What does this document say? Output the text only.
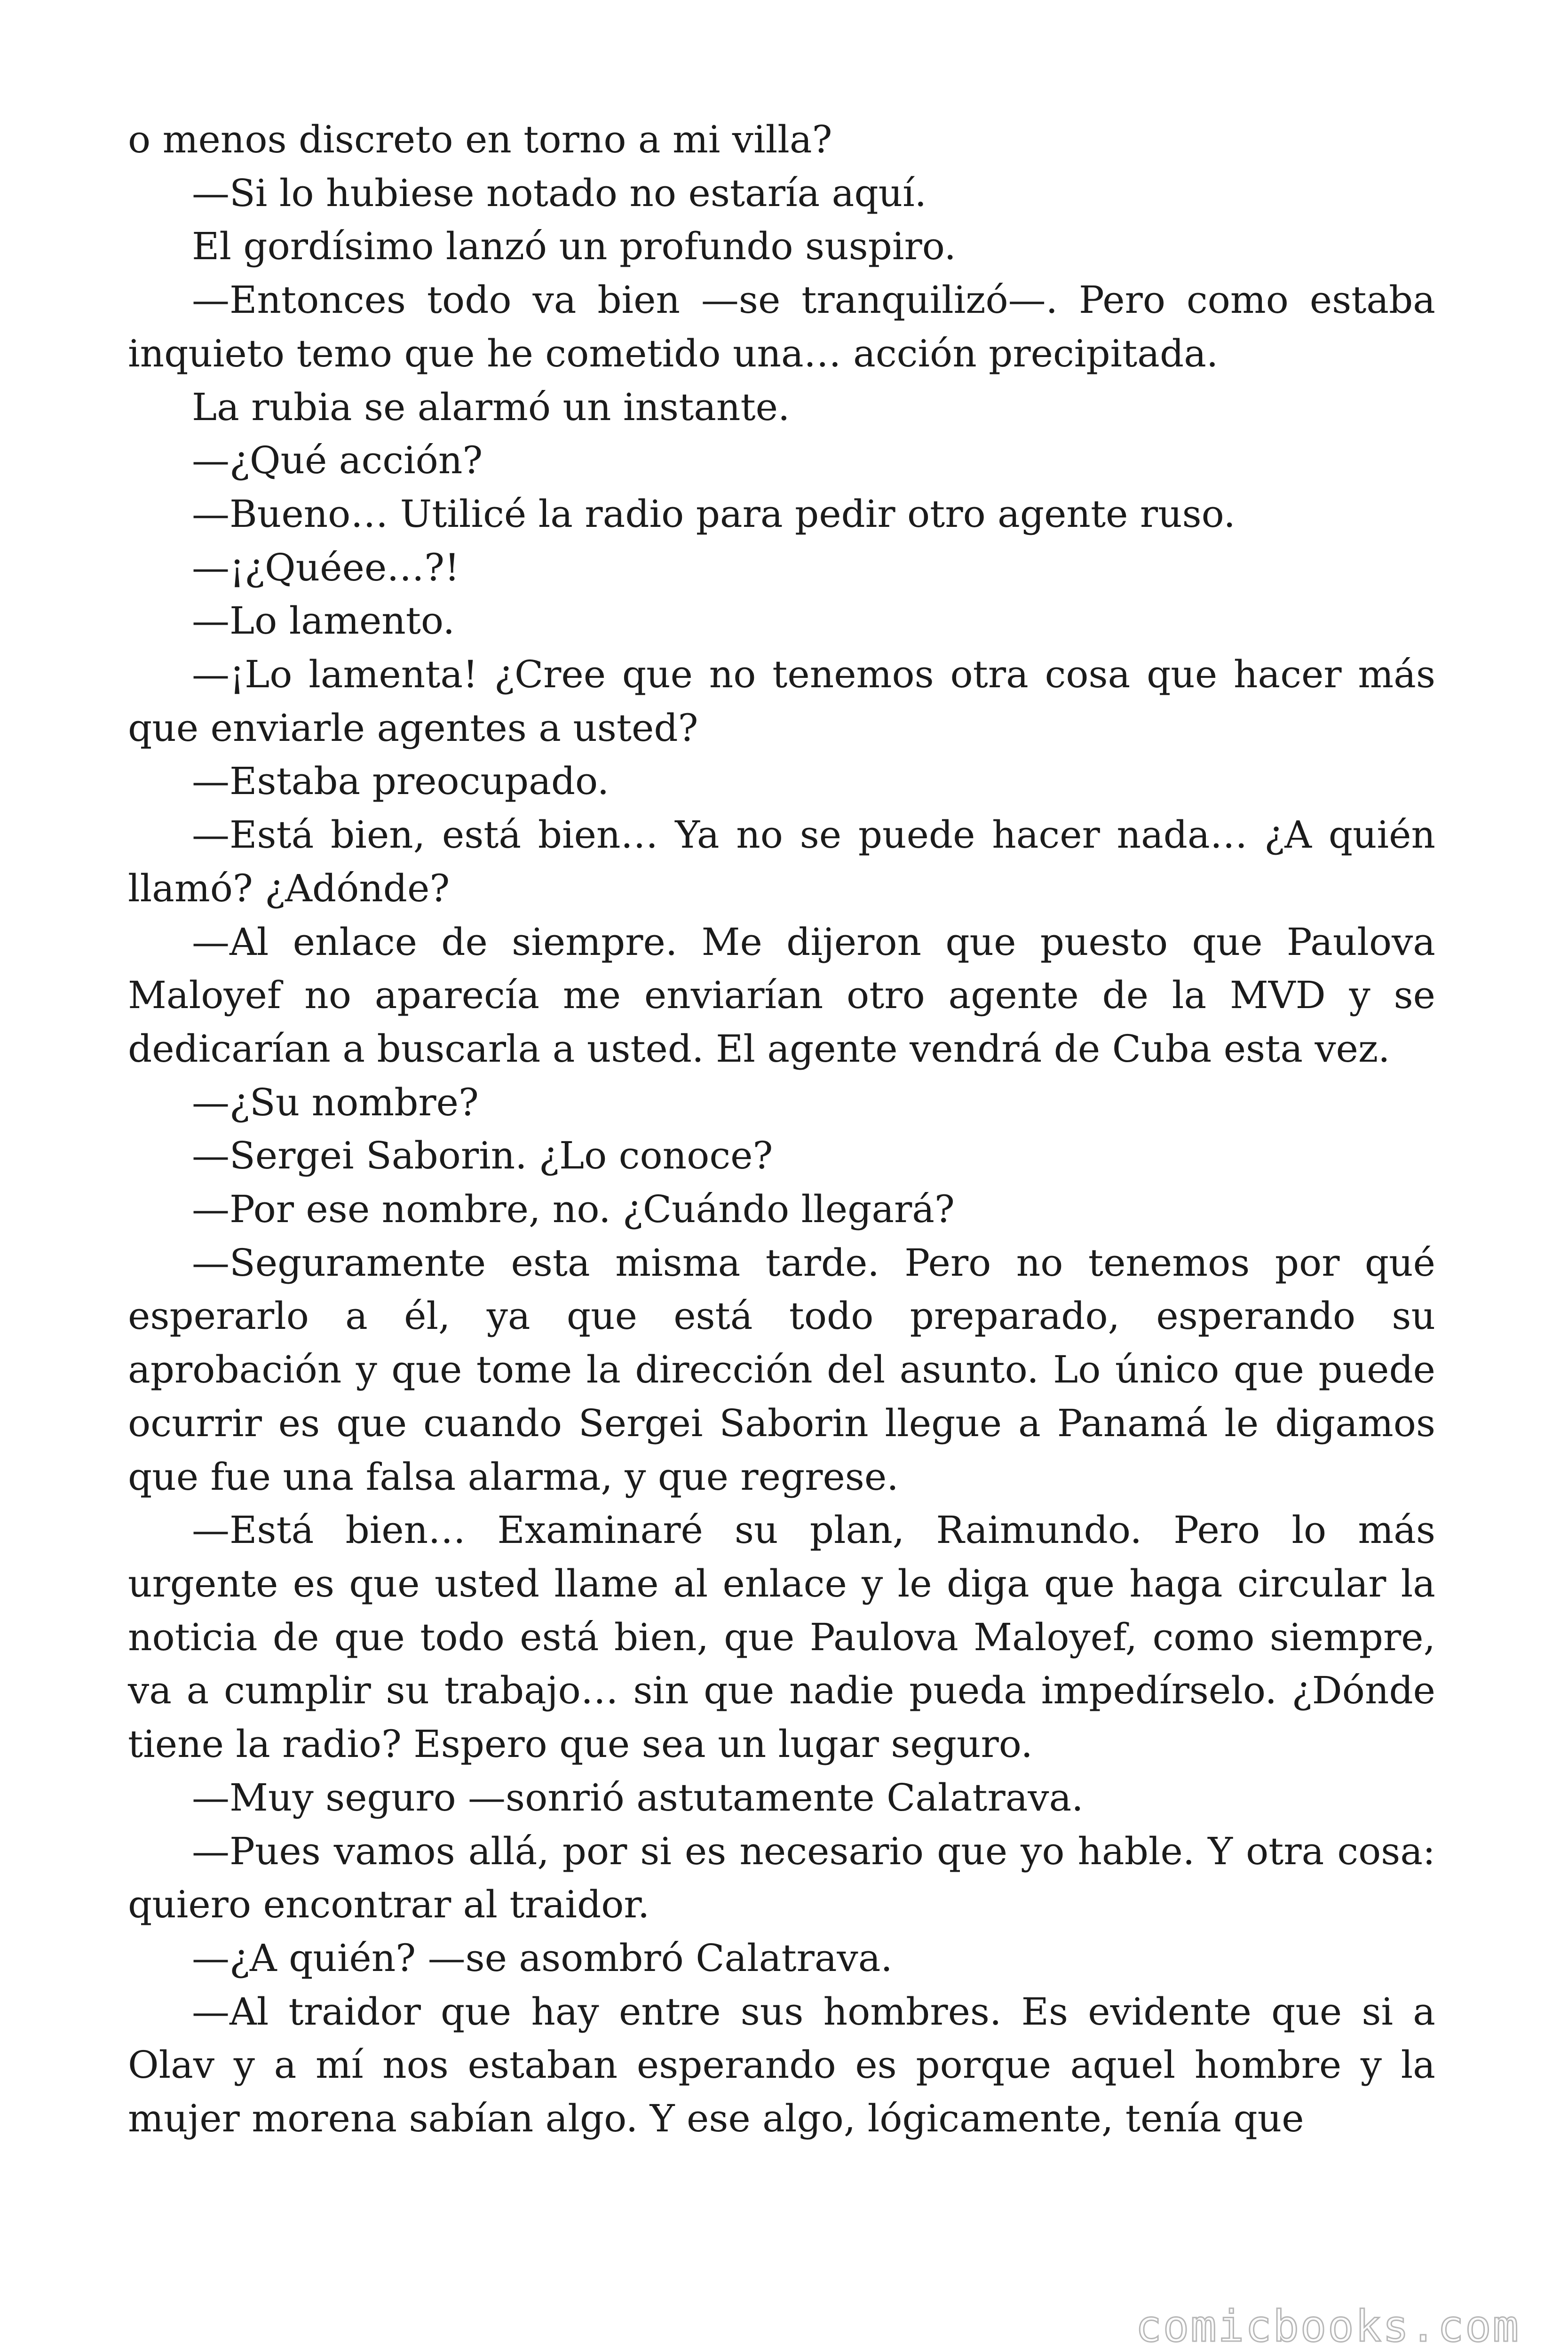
o menos discreto en torno a mi villa?

—Si lo hubiese notado no estaría aquí.

El gordísimo lanzó un profundo suspiro.

—Entonces todo va bien —se tranquilizó—. Pero como estaba inquieto temo que he cometido una… acción precipitada.

La rubia se alarmó un instante.

—¿Qué acción?

—Bueno… Utilicé la radio para pedir otro agente ruso.

—¡¿Quéee…?!

—Lo lamento.

—¡Lo lamenta! ¿Cree que no tenemos otra cosa que hacer más que enviarle agentes a usted?

—Estaba preocupado.

—Está bien, está bien… Ya no se puede hacer nada… ¿A quién llamó? ¿Adónde?

—Al enlace de siempre. Me dijeron que puesto que Paulova Maloyef no aparecía me enviarían otro agente de la MVD y se dedicarían a buscarla a usted. El agente vendrá de Cuba esta vez.

—¿Su nombre?

—Sergei Saborin. ¿Lo conoce?

—Por ese nombre, no. ¿Cuándo llegará?

—Seguramente esta misma tarde. Pero no tenemos por qué esperarlo a él, ya que está todo preparado, esperando su aprobación y que tome la dirección del asunto. Lo único que puede ocurrir es que cuando Sergei Saborin llegue a Panamá le digamos que fue una falsa alarma, y que regrese.

—Está bien… Examinaré su plan, Raimundo. Pero lo más urgente es que usted llame al enlace y le diga que haga circular la noticia de que todo está bien, que Paulova Maloyef, como siempre, va a cumplir su trabajo… sin que nadie pueda impedírselo. ¿Dónde tiene la radio? Espero que sea un lugar seguro.

—Muy seguro —sonrió astutamente Calatrava.

—Pues vamos allá, por si es necesario que yo hable. Y otra cosa: quiero encontrar al traidor.

—¿A quién? —se asombró Calatrava.

—Al traidor que hay entre sus hombres. Es evidente que si a Olav y a mí nos estaban esperando es porque aquel hombre y la mujer morena sabían algo. Y ese algo, lógicamente, tenía que

comicbooks.com
